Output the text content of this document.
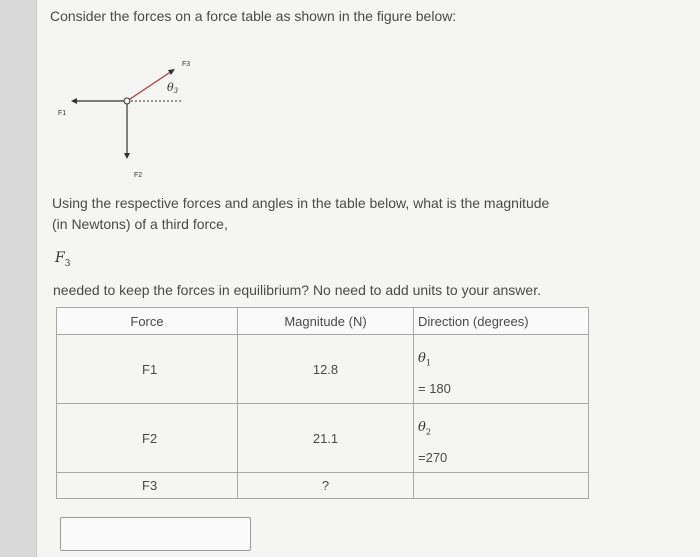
Consider the forces on a force table as shown in the figure below:
F1
F2
F3
θ3
Using the respective forces and angles in the table below, what is the magnitude (in Newtons) of a third force,
$F_3$
needed to keep the forces in equilibrium? No need to add units to your answer.
Force	Magnitude (N)	Direction (degrees)
F1	12.8	$\theta_1$
= 180

F2	21.1	$\theta_2$
=270

F3	?	
